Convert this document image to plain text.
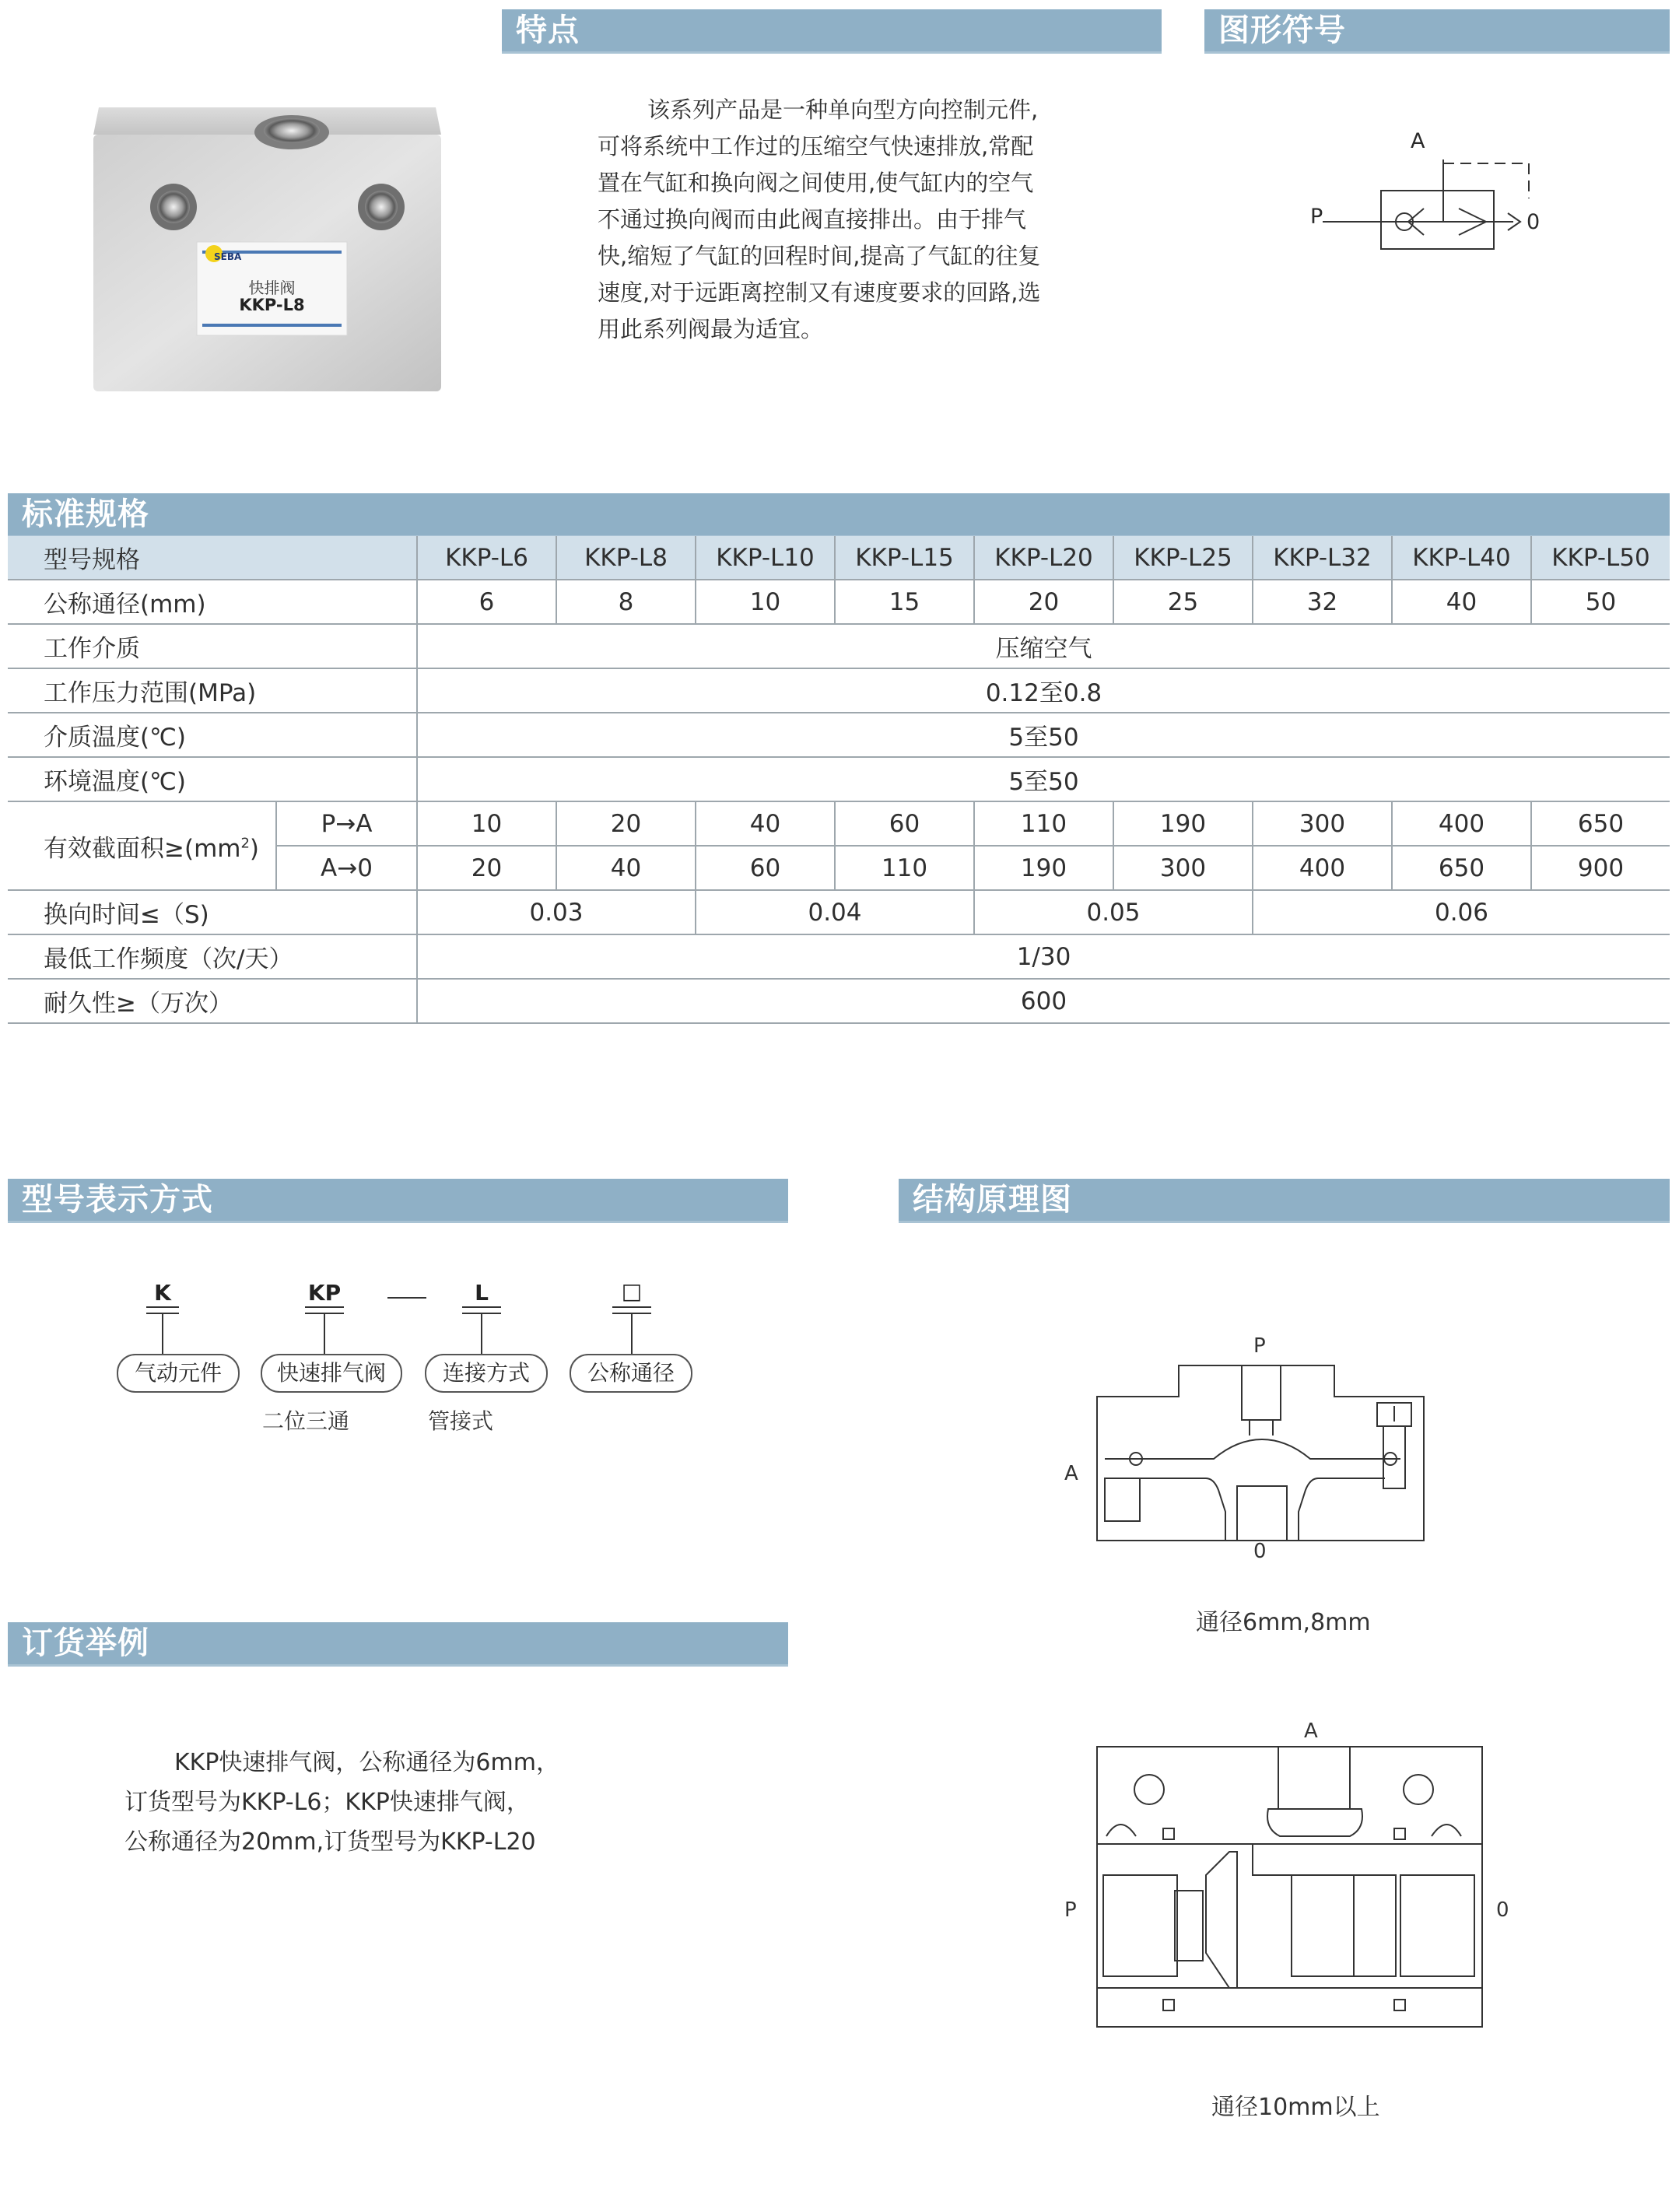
特点	图形符号
标准规格
型号表示方式	结构原理图
订货举例
SEBA
快排阀
KKP-L8
该系列产品是一种单向型方向控制元件,
可将系统中工作过的压缩空气快速排放,常配
置在气缸和换向阀之间使用,使气缸内的空气
不通过换向阀而由此阀直接排出。由于排气
快,缩短了气缸的回程时间,提高了气缸的往复
速度,对于远距离控制又有速度要求的回路,选
用此系列阀最为适宜。
A
P	0
型号规格		KKP-L6	KKP-L8	KKP-L10	KKP-L15	KKP-L20	KKP-L25	KKP-L32	KKP-L40	KKP-L50
公称通径(mm)		6	8	10	15	20	25	32	40	50
工作介质		压缩空气								
工作压力范围(MPa)		0.12至0.8								
介质温度(℃)		5至50								
环境温度(℃)		5至50								
有效截面积$\ge(mm^2)$	P→A	10	20	40	60	110	190	300	400	650
	A→0	20	40	60	110	190	300	400	650	900
换向时间≤（S)		0.03		0.04		0.05		0.06		
最低工作频度（次/天）		1/30								
耐久性≥（万次）		600								
K	KP	L	□
气动元件	快速排气阀	连接方式	公称通径
二位三通	管接式
P
A
0
通径6mm,8mm
A
P	0
通径10mm以上
KKP快速排气阀，公称通径为6mm，
订货型号为KKP-L6；KKP快速排气阀，
公称通径为20mm,订货型号为KKP-L20
